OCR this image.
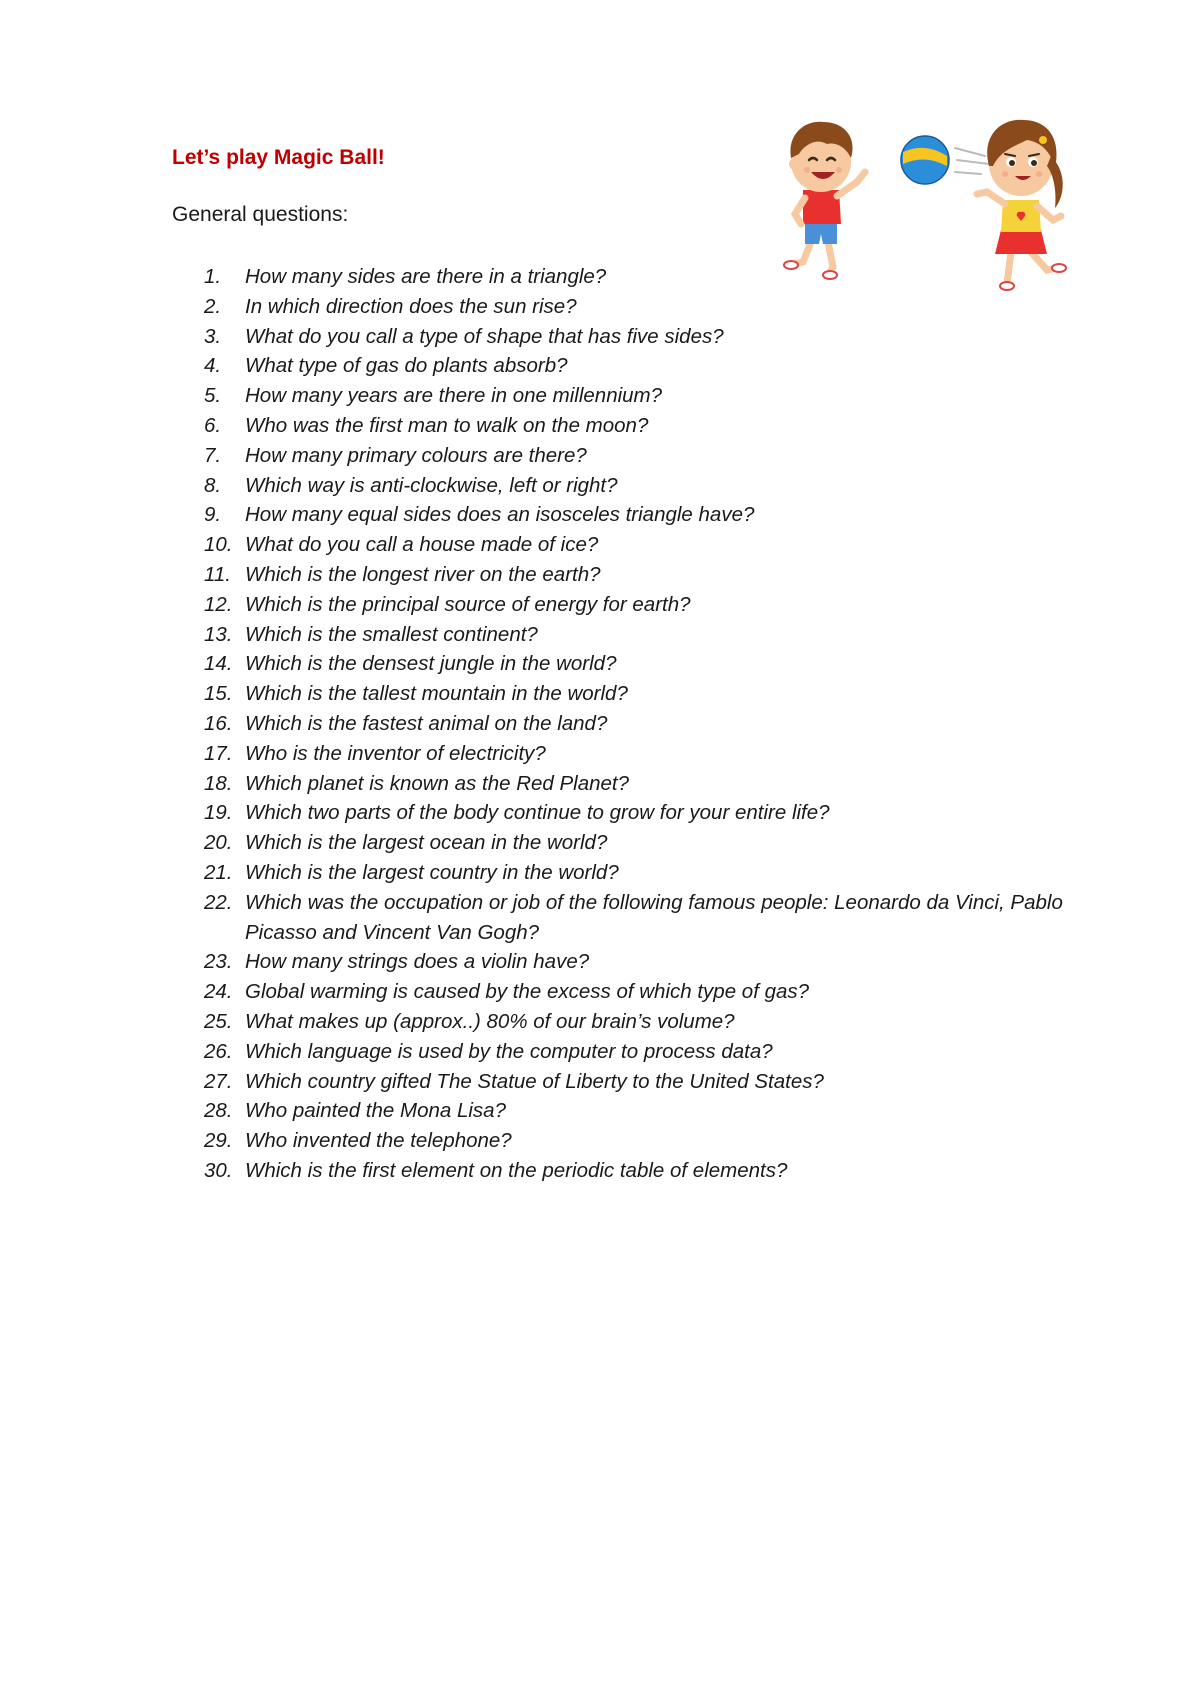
Let’s play Magic Ball!

General questions:

1.	How many sides are there in a triangle?
2.	In which direction does the sun rise?
3.	What do you call a type of shape that has five sides?
4.	What type of gas do plants absorb?
5.	How many years are there in one millennium?
6.	Who was the first man to walk on the moon?
7.	How many primary colours are there?
8.	Which way is anti-clockwise, left or right?
9.	How many equal sides does an isosceles triangle have?
10. What do you call a house made of ice?
11. Which is the longest river on the earth?
12. Which is the principal source of energy for earth?
13. Which is the smallest continent?
14. Which is the densest jungle in the world?
15. Which is the tallest mountain in the world?
16. Which is the fastest animal on the land?
17. Who is the inventor of electricity?
18. Which planet is known as the Red Planet?
19. Which two parts of the body continue to grow for your entire life?
20. Which is the largest ocean in the world?
21. Which is the largest country in the world?
22. Which was the occupation or job of the following famous people: Leonardo da Vinci, Pablo Picasso and Vincent Van Gogh?
23. How many strings does a violin have?
24. Global warming is caused by the excess of which type of gas?
25. What makes up (approx..) 80% of our brain’s volume?
26. Which language is used by the computer to process data?
27. Which country gifted The Statue of Liberty to the United States?
28. Who painted the Mona Lisa?
29. Who invented the telephone?
30. Which is the first element on the periodic table of elements?
